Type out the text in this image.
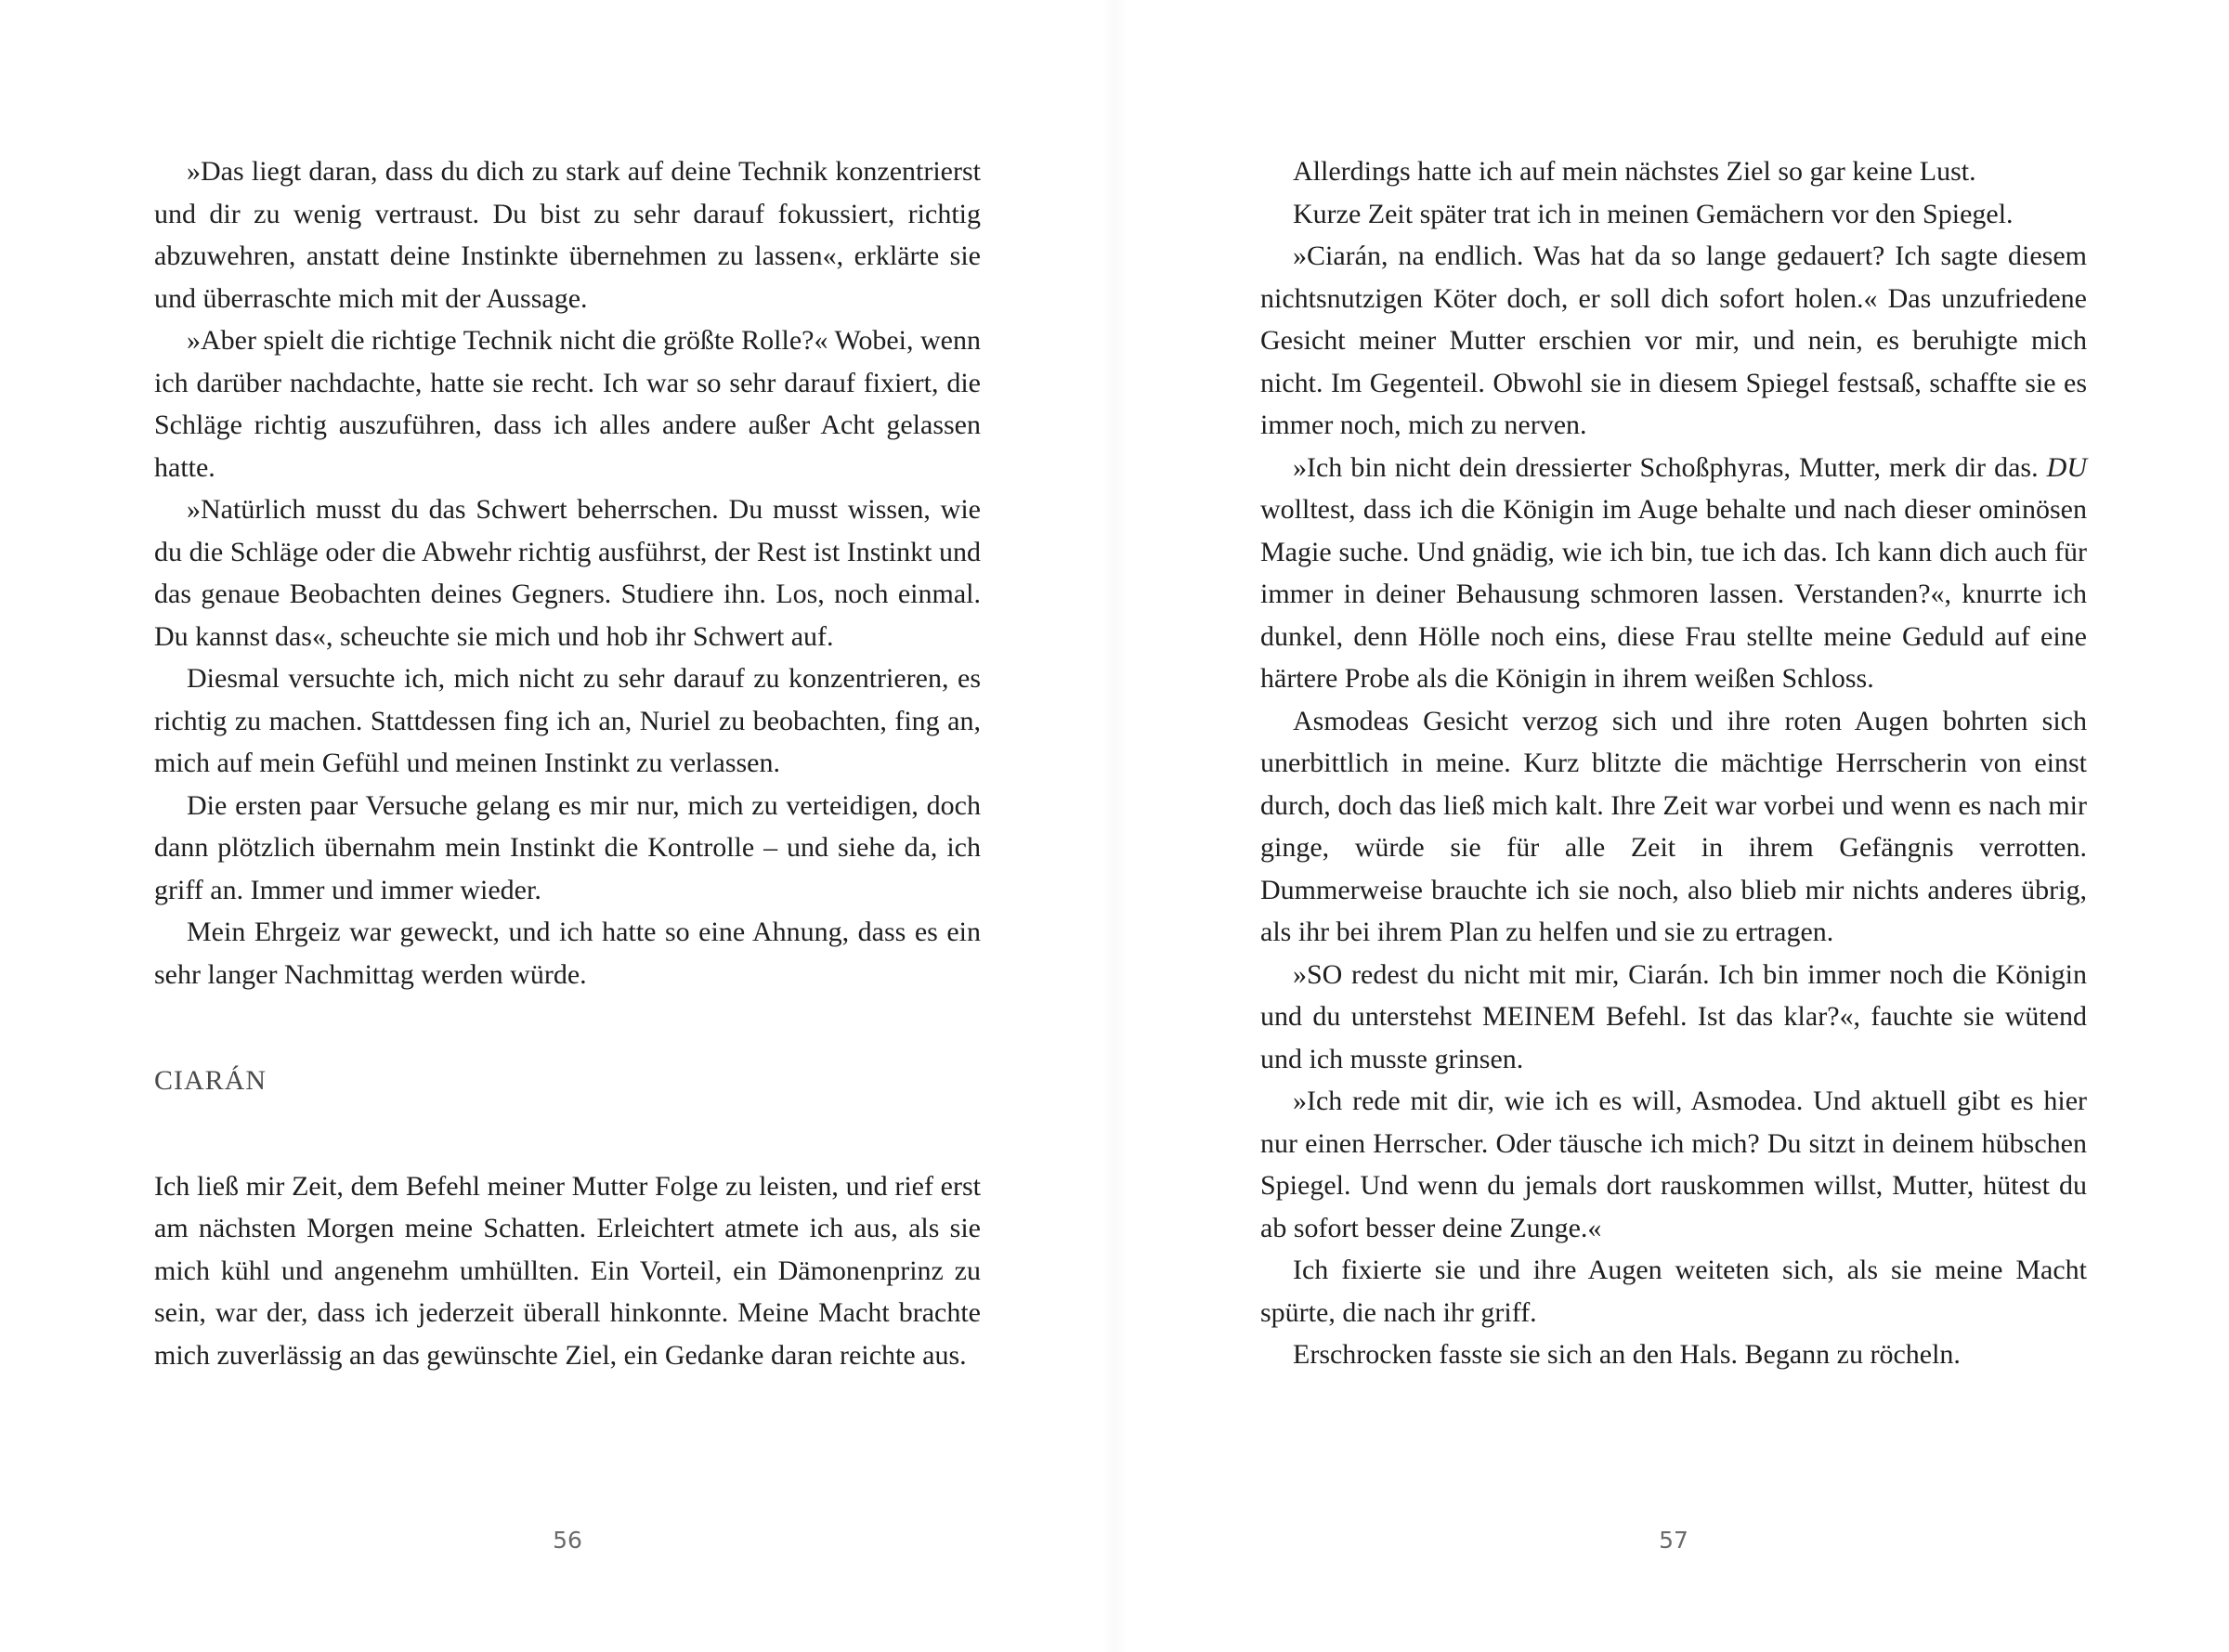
»Das liegt daran, dass du dich zu stark auf deine Technik konzentrierst und dir zu wenig vertraust. Du bist zu sehr darauf fokussiert, richtig abzuwehren, anstatt deine Instinkte übernehmen zu lassen«, erklärte sie und überraschte mich mit der Aussage.

»Aber spielt die richtige Technik nicht die größte Rolle?« Wobei, wenn ich darüber nachdachte, hatte sie recht. Ich war so sehr darauf fixiert, die Schläge richtig auszuführen, dass ich alles andere außer Acht gelassen hatte.

»Natürlich musst du das Schwert beherrschen. Du musst wissen, wie du die Schläge oder die Abwehr richtig ausführst, der Rest ist Instinkt und das genaue Beobachten deines Gegners. Studiere ihn. Los, noch einmal. Du kannst das«, scheuchte sie mich und hob ihr Schwert auf.

Diesmal versuchte ich, mich nicht zu sehr darauf zu konzentrieren, es richtig zu machen. Stattdessen fing ich an, Nuriel zu beobachten, fing an, mich auf mein Gefühl und meinen Instinkt zu verlassen.

Die ersten paar Versuche gelang es mir nur, mich zu verteidigen, doch dann plötzlich übernahm mein Instinkt die Kontrolle – und siehe da, ich griff an. Immer und immer wieder.

Mein Ehrgeiz war geweckt, und ich hatte so eine Ahnung, dass es ein sehr langer Nachmittag werden würde.

CIARÁN

Ich ließ mir Zeit, dem Befehl meiner Mutter Folge zu leisten, und rief erst am nächsten Morgen meine Schatten. Erleichtert atmete ich aus, als sie mich kühl und angenehm umhüllten. Ein Vorteil, ein Dämonenprinz zu sein, war der, dass ich jederzeit überall hinkonnte. Meine Macht brachte mich zuverlässig an das gewünschte Ziel, ein Gedanke daran reichte aus.

56

Allerdings hatte ich auf mein nächstes Ziel so gar keine Lust.

Kurze Zeit später trat ich in meinen Gemächern vor den Spiegel.

»Ciarán, na endlich. Was hat da so lange gedauert? Ich sagte diesem nichtsnutzigen Köter doch, er soll dich sofort holen.« Das unzufriedene Gesicht meiner Mutter erschien vor mir, und nein, es beruhigte mich nicht. Im Gegenteil. Obwohl sie in diesem Spiegel festsaß, schaffte sie es immer noch, mich zu nerven.

»Ich bin nicht dein dressierter Schoßphyras, Mutter, merk dir das. DU wolltest, dass ich die Königin im Auge behalte und nach dieser ominösen Magie suche. Und gnädig, wie ich bin, tue ich das. Ich kann dich auch für immer in deiner Behausung schmoren lassen. Verstanden?«, knurrte ich dunkel, denn Hölle noch eins, diese Frau stellte meine Geduld auf eine härtere Probe als die Königin in ihrem weißen Schloss.

Asmodeas Gesicht verzog sich und ihre roten Augen bohrten sich unerbittlich in meine. Kurz blitzte die mächtige Herrscherin von einst durch, doch das ließ mich kalt. Ihre Zeit war vorbei und wenn es nach mir ginge, würde sie für alle Zeit in ihrem Gefängnis verrotten. Dummerweise brauchte ich sie noch, also blieb mir nichts anderes übrig, als ihr bei ihrem Plan zu helfen und sie zu ertragen.

»SO redest du nicht mit mir, Ciarán. Ich bin immer noch die Königin und du unterstehst MEINEM Befehl. Ist das klar?«, fauchte sie wütend und ich musste grinsen.

»Ich rede mit dir, wie ich es will, Asmodea. Und aktuell gibt es hier nur einen Herrscher. Oder täusche ich mich? Du sitzt in deinem hübschen Spiegel. Und wenn du jemals dort rauskommen willst, Mutter, hütest du ab sofort besser deine Zunge.«

Ich fixierte sie und ihre Augen weiteten sich, als sie meine Macht spürte, die nach ihr griff.

Erschrocken fasste sie sich an den Hals. Begann zu röcheln.

57
